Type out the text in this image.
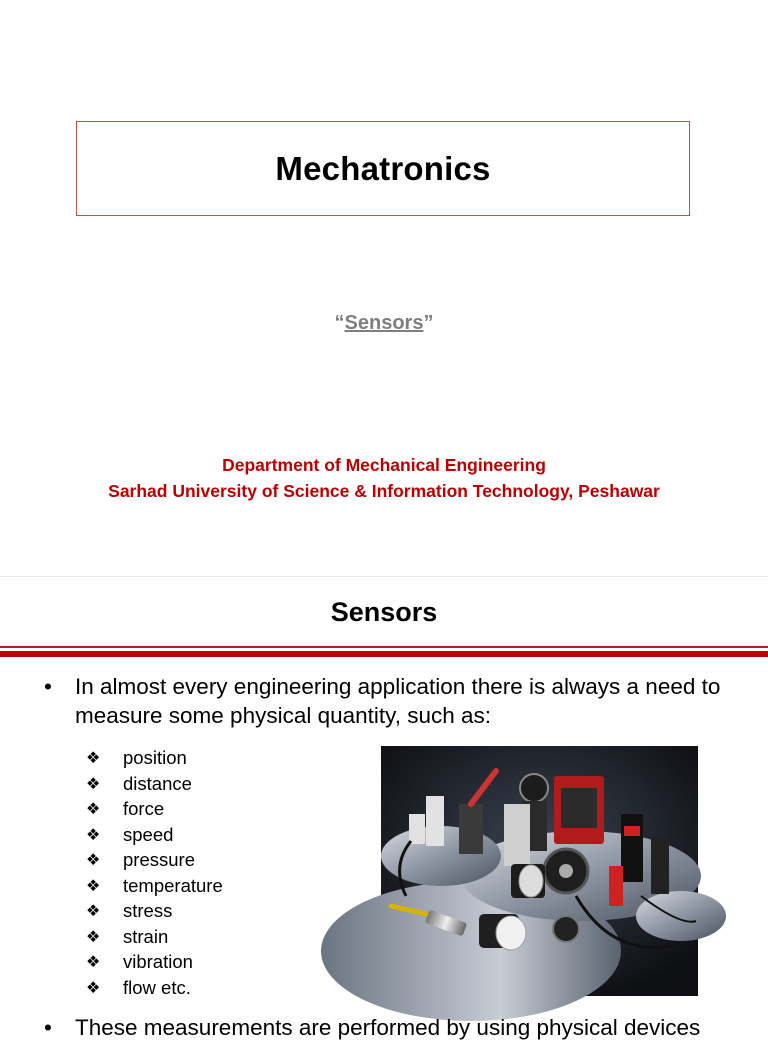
Mechatronics
“Sensors”
Department of Mechanical Engineering
Sarhad University of Science & Information Technology, Peshawar
Sensors
• In almost every engineering application there is always a need to measure some physical quantity, such as:
❖ position
❖ distance
❖ force
❖ speed
❖ pressure
❖ temperature
❖ stress
❖ strain
❖ vibration
❖ flow etc.
• These measurements are performed by using physical devices
